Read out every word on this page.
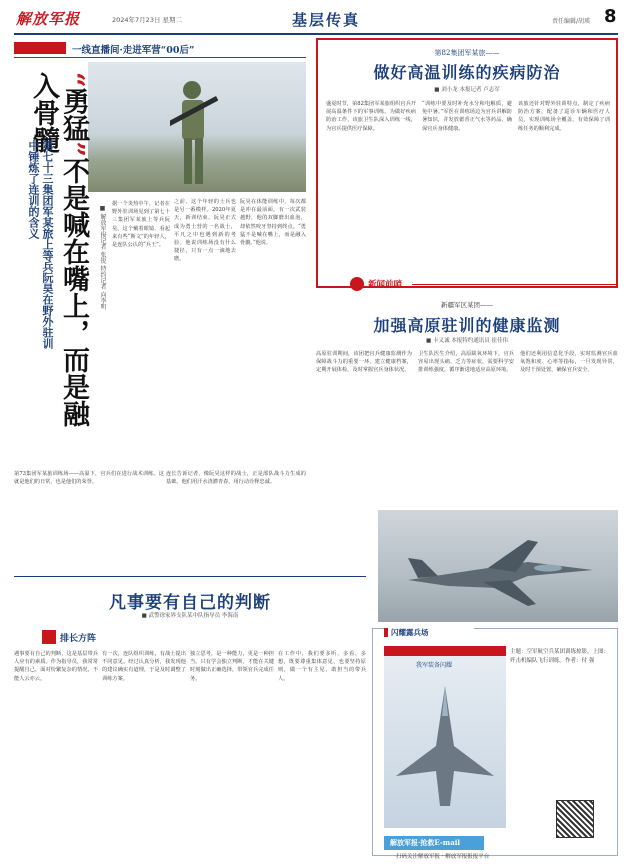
解放军报	2024年7月23日 星期二	基层传真	责任编辑/胡瑛 8
一线直播间·走进军营“00后”
“勇猛”不是喊在嘴上，而是融入骨髓
第七十三集团军某旅上等兵阮昊在野外驻训中锤炼了连训的含义
■ 解放军报记者 张锐 特约记者 向李明
据一个炎热中午，记者在野外驻训场见到了第七十三集团军某旅上等兵阮昊。这个戴着眼镜、看起来有些“斯文”的年轻人，是连队公认的“兵王”。
之前，这个年轻的士兵也是另一番模样。2020年夏天，新训结束，阮昊正式成为勇士营的一名战士，平凡之中也遇到新的考验。他说训练场没有什么捷径，只有一点一滴地去磨。
阮昊在体能训练中，每次都是冲在最前面。有一次武装越野，他的双脚磨出血泡，却依然咬牙坚持到终点。“勇猛不是喊在嘴上，而是融入骨髓。”他说。
第73集团军某旅训练场——高温下，官兵们在进行战术训练。这就是他们的日常，也是他们的荣誉。
连长告诉记者，像阮昊这样的战士，正是部队战斗力生成的基础。他们用汗水浇灌青春，用行动诠释忠诚。
第82集团军某旅——
做好高温训练的疾病防治
■ 刘小龙 本报记者 卢志军
盛夏时节，第82集团军某旅组织官兵开展高温条件下的军事训练。为做好疾病防治工作，该旅卫生队深入训练一线，为官兵提供医疗保障。
“训练中要及时补充水分和电解质，避免中暑。”军医在训练场边为官兵讲解防暑知识，并发放藿香正气水等药品，确保官兵身体健康。
该旅还针对野外驻训特点，制定了疾病防治方案，配备了巡诊车辆和医疗人员，实现训练场全覆盖，有效保障了训练任务的顺利完成。
新闻前哨
新疆军区某团——
加强高原驻训的健康监测
■ 卡义诚 本报特约通讯员 崔佳伟
高原驻训期间，该团把官兵健康监测作为保障战斗力的重要一环，建立健康档案，定期开展体检，及时掌握官兵身体状况。
卫生队医生介绍，高原缺氧环境下，官兵容易出现头痛、乏力等症状，需要科学安排训练强度，循序渐进地适应高原环境。
他们还利用信息化手段，实时监测官兵血氧饱和度、心率等指标，一旦发现异常，及时干预处置，确保官兵安全。
凡事要有自己的判断
■ 武警徐家界支队某中队指导员 李海南
排长方阵
遇事要有自己的判断，这是基层带兵人应有的素质。作为指导员，我常常提醒自己，面对纷繁复杂的情况，不能人云亦云。
有一次，连队组织训练，有战士提出不同意见。经过认真分析，我发现他的建议确实有道理，于是及时调整了训练方案。
独立思考，是一种能力，更是一种担当。只有学会独立判断，才能在关键时刻做出正确选择，带领官兵完成任务。
在工作中，我们要多听、多看、多想，既要尊重集体意见，也要坚持原则，做一个有主见、敢担当的带兵人。
闪耀露兵场
我军装备闪耀
主题：空军航空兵某团训练掠影。上图：歼击机编队飞行训练。作者：付 强
解放军报·抢救E-mail
扫码关注解放军报 · 解放军报报报平台
